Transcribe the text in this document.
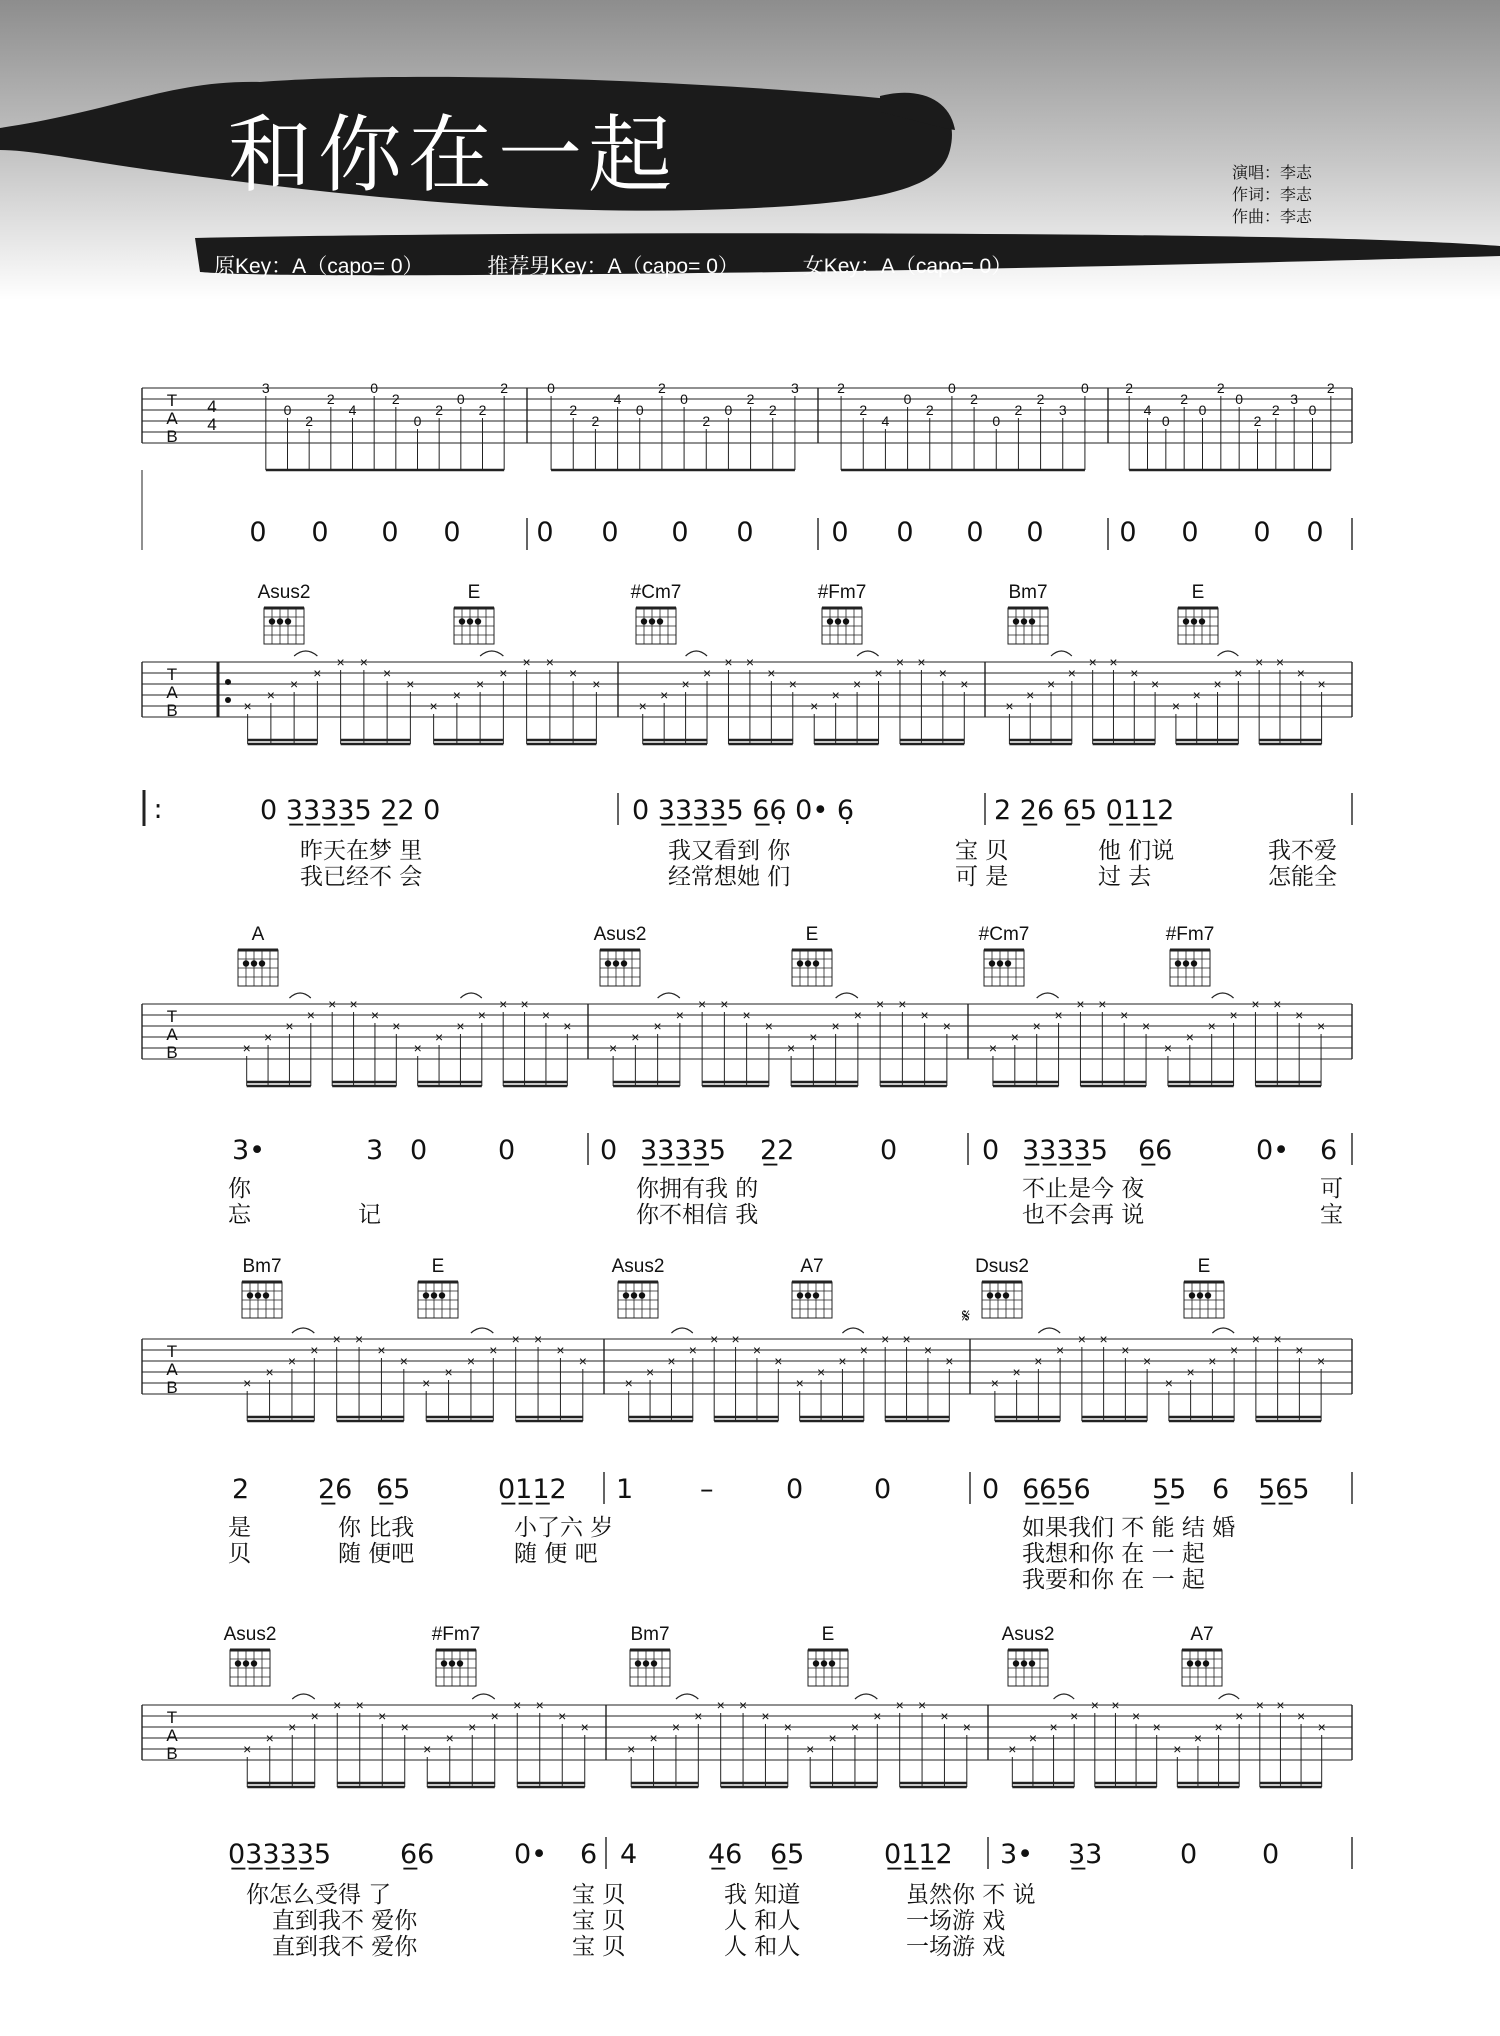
和你在一起	演唱：李志
作词：李志
作曲：李志
原Key：A（capo= 0）	推荐男Key：A（capo= 0）	女Key：A（capo= 0）
T
A
B
4
4
3
0
2
2
4
0
2
0
2
0
2
2	0
2
2
4
0
2
0
2
0
2
2
3	2
2
4
0
2
0
2
0
2
2
3
0	2
4
0
2
0
2
0
2
2
3
0
2
0 0 0 0	0 0 0 0	0 0 0 0	0 0 0 0
Asus2	E	#Cm7	#Fm7	Bm7	E
T
A
B	×
×
×
×
× ×
×
×
×
×
×
×
× ×
×
×
×
×
×
×
× ×
×
×
×
×
×
×
× ×
×
×
×
×
×
×
× ×
×
×
×
×
×
×
× ×
×
×
A	Asus2	E	#Cm7	#Fm7
T
A
B	×
×
×
×
× ×
×
×
×
×
×
×
× ×
×
×
×
×
×
×
× ×
×
×
×
×
×
×
× ×
×
×
×
×
×
×
× ×
×
×
×
×
×
×
× ×
×
×
Bm7	E	Asus2	A7	Dsus2	E
T
A
B	×
×
×
×
× ×
×
×
×
×
×
×
× ×
×
×
×
×
×
×
× ×
×
×
×
×
×
×
× ×
×
×
×
×
×
×
× ×
×
×
×
×
×
×
× ×
×
×
Asus2	#Fm7	Bm7	E	Asus2	A7
T
A
B	×
×
×
×
× ×
×
×
×
×
×
×
× ×
×
×
×
×
×
×
× ×
×
×
×
×
×
×
× ×
×
×
×
×
×
×
× ×
×
×
×
×
×
×
× ×
×
×
:	0 3̲3̲3̲3̲5 2̲2 0	0 3̲3̲3̲3̲5 6̲6̣ 0• 6̣	2 2̲6 6̲5 0̲1̲1̲2
昨天在梦 里	我又看到 你	宝 贝	他 们说	我不爱
我已经不 会	经常想她 们	可 是	过 去	怎能全
3•	3 0	0	0 3̲3̲3̲3̲5 2̲2	0	0 3̲3̲3̲3̲5 6̲6	0• 6
你	你拥有我 的	不止是今 夜	可
忘	记	你不相信 我	也不会再 说	宝
2	2̲6 6̲5	0̲1̲1̲2 1 –	0	0	0 6̲6̲5̲6 5̲5 6 5̲6̲5
是	你 比我	小了六 岁	如果我们 不 能 结 婚
贝	随 便吧	随 便 吧	我想和你 在 一 起
我要和你 在 一 起
0̲3̲3̲3̲3̲5	6̲6	0• 6 4	4̲6 6̲5	0̲1̲1̲2 3• 3̲3	0 0
你怎么受得 了	宝 贝	我 知道	虽然你 不 说
直到我不 爱你	宝 贝	人 和人	一场游 戏
直到我不 爱你	宝 贝	人 和人	一场游 戏
𝄋
